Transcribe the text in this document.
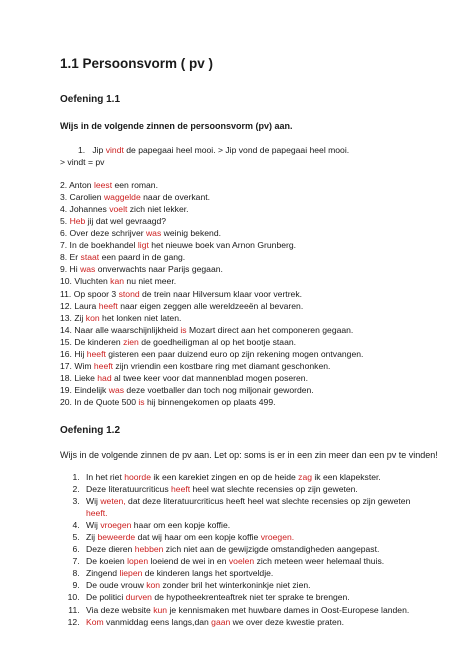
1.1 Persoonsvorm ( pv )
Oefening 1.1
Wijs in de volgende zinnen de persoonsvorm (pv) aan.
1.   Jip vindt de papegaai heel mooi. > Jip vond de papegaai heel mooi.
> vindt = pv
2. Anton leest een roman.
3. Carolien waggelde naar de overkant.
4. Johannes voelt zich niet lekker.
5. Heb jij dat wel gevraagd?
6. Over deze schrijver was weinig bekend.
7. In de boekhandel ligt het nieuwe boek van Arnon Grunberg.
8. Er staat een paard in de gang.
9. Hi was onverwachts naar Parijs gegaan.
10. Vluchten kan nu niet meer.
11. Op spoor 3 stond de trein naar Hilversum klaar voor vertrek.
12. Laura heeft naar eigen zeggen alle wereldzeeën al bevaren.
13. Zij kon het lonken niet laten.
14. Naar alle waarschijnlijkheid is Mozart direct aan het componeren gegaan.
15. De kinderen zien de goedheiligman al op het bootje staan.
16. Hij heeft gisteren een paar duizend euro op zijn rekening mogen ontvangen.
17. Wim heeft zijn vriendin een kostbare ring met diamant geschonken.
18. Lieke had al twee keer voor dat mannenblad mogen poseren.
19. Eindelijk was deze voetballer dan toch nog miljonair geworden.
20. In de Quote 500 is hij binnengekomen op plaats 499.
Oefening 1.2
Wijs in de volgende zinnen de pv aan. Let op: soms is er in een zin meer dan een pv te vinden!
1. In het riet hoorde ik een karekiet zingen en op de heide zag ik een klapekster.
2. Deze literatuurcriticus heeft heel wat slechte recensies op zijn geweten.
3. Wij weten, dat deze literatuurcriticus heeft heel wat slechte recensies op zijn geweten
heeft.
4. Wij vroegen haar om een kopje koffie.
5. Zij beweerde dat wij haar om een kopje koffie vroegen.
6. Deze dieren hebben zich niet aan de gewijzigde omstandigheden aangepast.
7. De koeien lopen loeiend de wei in en voelen zich meteen weer helemaal thuis.
8. Zingend liepen de kinderen langs het sportveldje.
9. De oude vrouw kon zonder bril het winterkoninkje niet zien.
10. De politici durven de hypotheekrenteaftrek niet ter sprake te brengen.
11. Via deze website kun je kennismaken met huwbare dames in Oost-Europese landen.
12. Kom vanmiddag eens langs,dan gaan we over deze kwestie praten.
